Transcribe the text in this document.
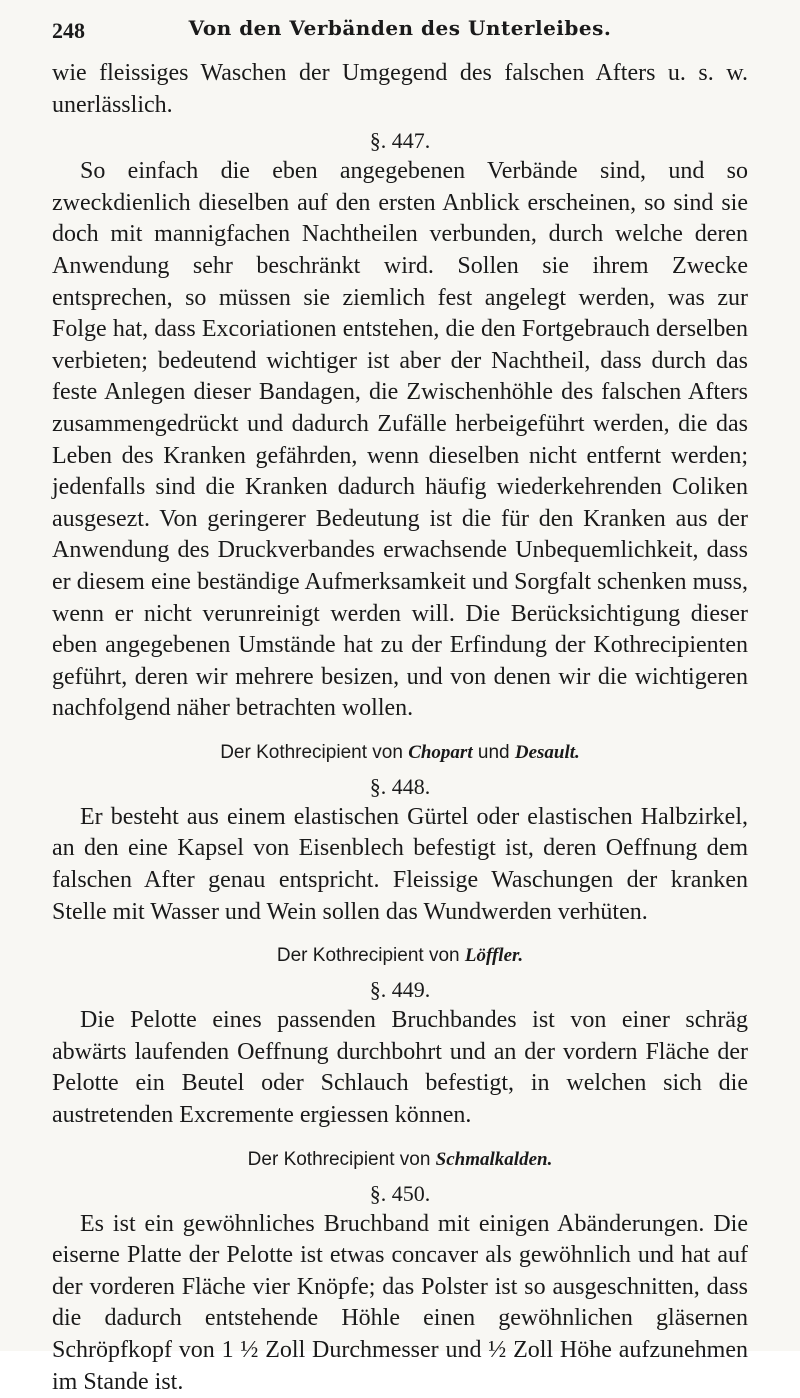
248	Von den Verbänden des Unterleibes.

wie fleissiges Waschen der Umgegend des falschen Afters u. s. w. unerlässlich.

§. 447.

So einfach die eben angegebenen Verbände sind, und so zweckdienlich dieselben auf den ersten Anblick erscheinen, so sind sie doch mit mannigfachen Nachtheilen verbunden, durch welche deren Anwendung sehr beschränkt wird. Sollen sie ihrem Zwecke entsprechen, so müssen sie ziemlich fest angelegt werden, was zur Folge hat, dass Excoriationen entstehen, die den Fortgebrauch derselben verbieten; bedeutend wichtiger ist aber der Nachtheil, dass durch das feste Anlegen dieser Bandagen, die Zwischenhöhle des falschen Afters zusammengedrückt und dadurch Zufälle herbeigeführt werden, die das Leben des Kranken gefährden, wenn dieselben nicht entfernt werden; jedenfalls sind die Kranken dadurch häufig wiederkehrenden Coliken ausgesezt. Von geringerer Bedeutung ist die für den Kranken aus der Anwendung des Druckverbandes erwachsende Unbequemlichkeit, dass er diesem eine beständige Aufmerksamkeit und Sorgfalt schenken muss, wenn er nicht verunreinigt werden will. Die Berücksichtigung dieser eben angegebenen Umstände hat zu der Erfindung der Kothrecipienten geführt, deren wir mehrere besizen, und von denen wir die wichtigeren nachfolgend näher betrachten wollen.

Der Kothrecipient von Chopart und Desault.
§. 448.

Er besteht aus einem elastischen Gürtel oder elastischen Halbzirkel, an den eine Kapsel von Eisenblech befestigt ist, deren Oeffnung dem falschen After genau entspricht. Fleissige Waschungen der kranken Stelle mit Wasser und Wein sollen das Wundwerden verhüten.

Der Kothrecipient von Löffler.
§. 449.

Die Pelotte eines passenden Bruchbandes ist von einer schräg abwärts laufenden Oeffnung durchbohrt und an der vordern Fläche der Pelotte ein Beutel oder Schlauch befestigt, in welchen sich die austretenden Excremente ergiessen können.

Der Kothrecipient von Schmalkalden.
§. 450.

Es ist ein gewöhnliches Bruchband mit einigen Abänderungen. Die eiserne Platte der Pelotte ist etwas concaver als gewöhnlich und hat auf der vorderen Fläche vier Knöpfe; das Polster ist so ausgeschnitten, dass die dadurch entstehende Höhle einen gewöhnlichen gläsernen Schröpfkopf von 1 ½ Zoll Durchmesser und ½ Zoll Höhe aufzunehmen im Stande ist.
